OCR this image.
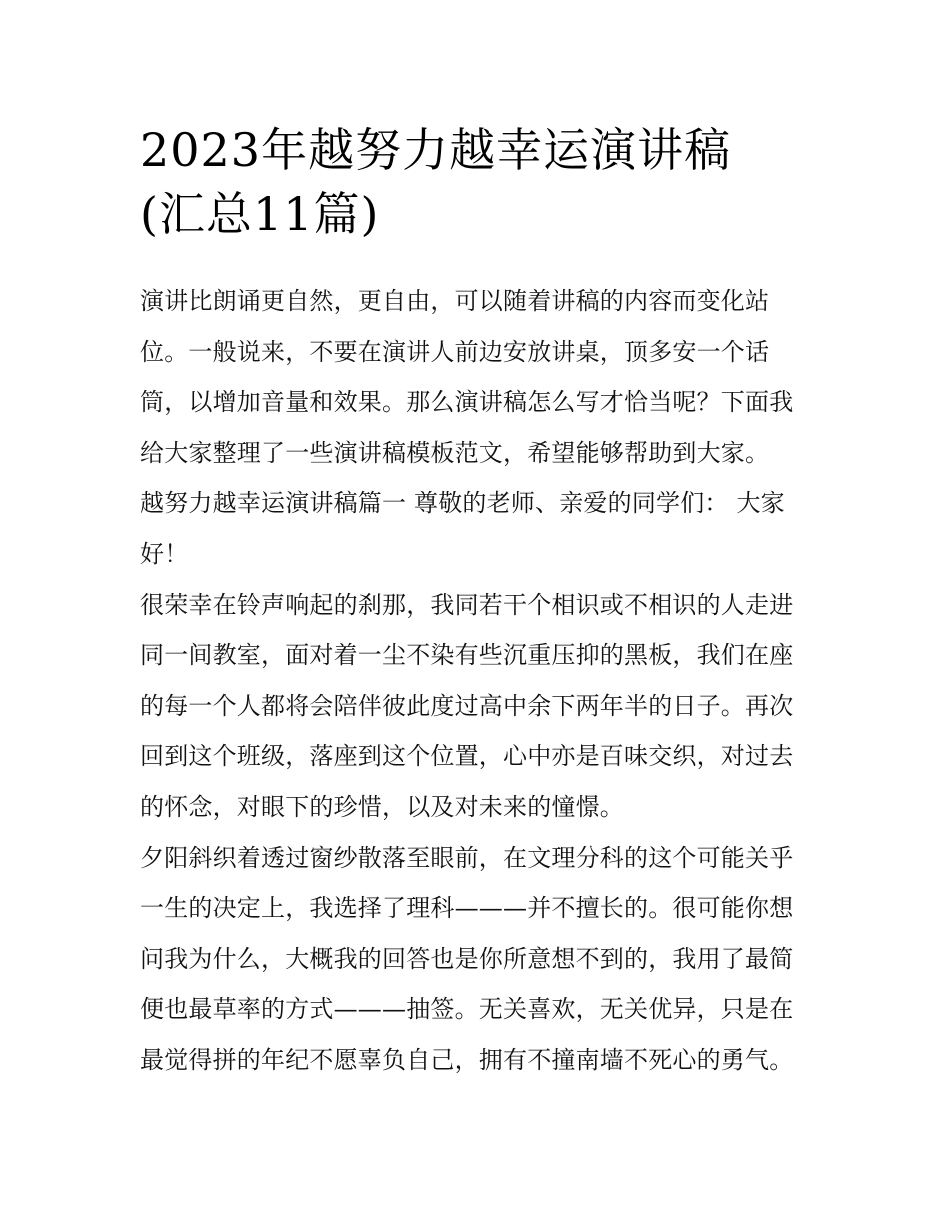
2023年越努力越幸运演讲稿
(汇总11篇)

演讲比朗诵更自然，更自由，可以随着讲稿的内容而变化站位。一般说来，不要在演讲人前边安放讲桌，顶多安一个话筒，以增加音量和效果。那么演讲稿怎么写才恰当呢？下面我给大家整理了一些演讲稿模板范文，希望能够帮助到大家。

越努力越幸运演讲稿篇一 尊敬的老师、亲爱的同学们： 大家好！

很荣幸在铃声响起的刹那，我同若干个相识或不相识的人走进同一间教室，面对着一尘不染有些沉重压抑的黑板，我们在座的每一个人都将会陪伴彼此度过高中余下两年半的日子。再次回到这个班级，落座到这个位置，心中亦是百味交织，对过去的怀念，对眼下的珍惜，以及对未来的憧憬。

夕阳斜织着透过窗纱散落至眼前，在文理分科的这个可能关乎一生的决定上，我选择了理科———并不擅长的。很可能你想问我为什么，大概我的回答也是你所意想不到的，我用了最简便也最草率的方式———抽签。无关喜欢，无关优异，只是在最觉得拼的年纪不愿辜负自己，拥有不撞南墙不死心的勇气。
